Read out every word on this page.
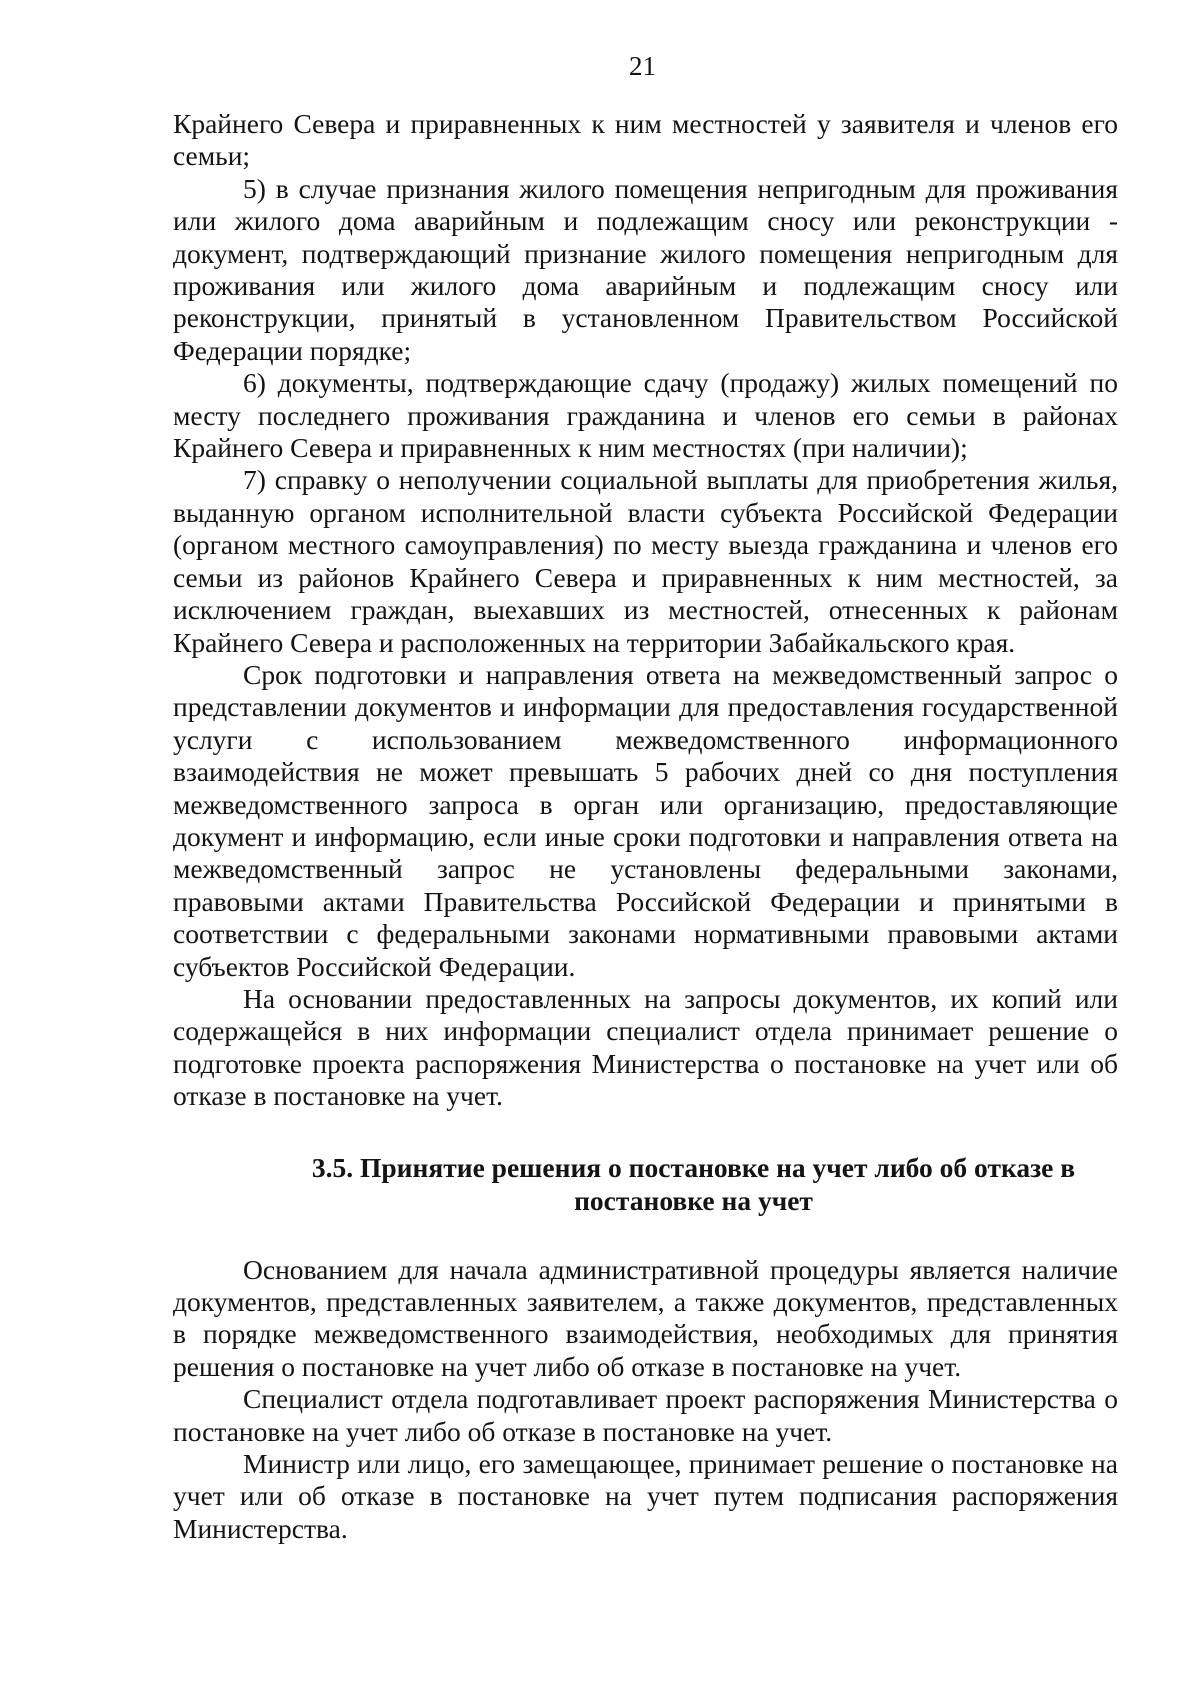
21

Крайнего Севера и приравненных к ним местностей у заявителя и членов его семьи;

5) в случае признания жилого помещения непригодным для проживания или жилого дома аварийным и подлежащим сносу или реконструкции - документ, подтверждающий признание жилого помещения непригодным для проживания или жилого дома аварийным и подлежащим сносу или реконструкции, принятый в установленном Правительством Российской Федерации порядке;

6) документы, подтверждающие сдачу (продажу) жилых помещений по месту последнего проживания гражданина и членов его семьи в районах Крайнего Севера и приравненных к ним местностях (при наличии);

7) справку о неполучении социальной выплаты для приобретения жилья, выданную органом исполнительной власти субъекта Российской Федерации (органом местного самоуправления) по месту выезда гражданина и членов его семьи из районов Крайнего Севера и приравненных к ним местностей, за исключением граждан, выехавших из местностей, отнесенных к районам Крайнего Севера и расположенных на территории Забайкальского края.

Срок подготовки и направления ответа на межведомственный запрос о представлении документов и информации для предоставления государственной услуги с использованием межведомственного информационного взаимодействия не может превышать 5 рабочих дней со дня поступления межведомственного запроса в орган или организацию, предоставляющие документ и информацию, если иные сроки подготовки и направления ответа на межведомственный запрос не установлены федеральными законами, правовыми актами Правительства Российской Федерации и принятыми в соответствии с федеральными законами нормативными правовыми актами субъектов Российской Федерации.

На основании предоставленных на запросы документов, их копий или содержащейся в них информации специалист отдела принимает решение о подготовке проекта распоряжения Министерства о постановке на учет или об отказе в постановке на учет.

3.5. Принятие решения о постановке на учет либо об отказе в
постановке на учет

Основанием для начала административной процедуры является наличие документов, представленных заявителем, а также документов, представленных в порядке межведомственного взаимодействия, необходимых для принятия решения о постановке на учет либо об отказе в постановке на учет.

Специалист отдела подготавливает проект распоряжения Министерства о постановке на учет либо об отказе в постановке на учет.

Министр или лицо, его замещающее, принимает решение о постановке на учет или об отказе в постановке на учет путем подписания распоряжения Министерства.
